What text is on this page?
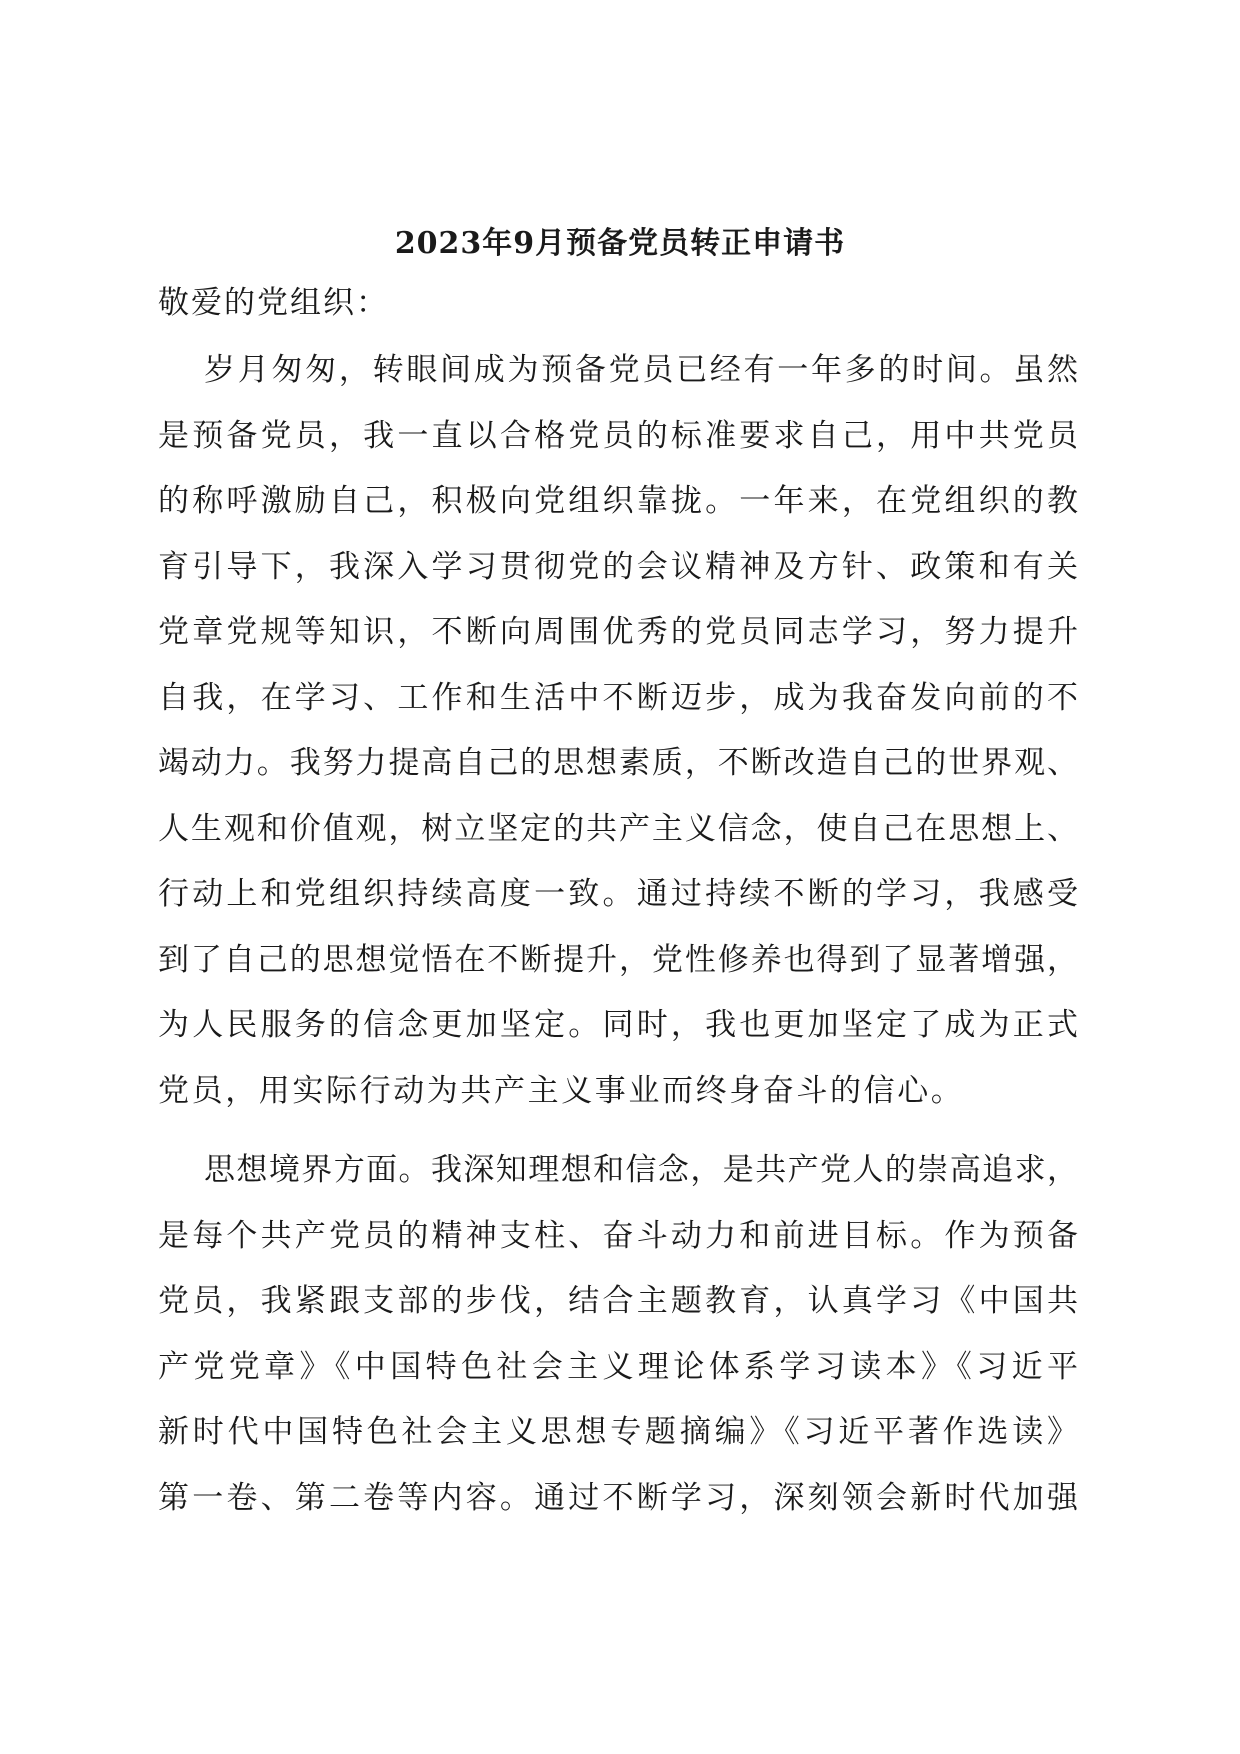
2023年9月预备党员转正申请书

敬爱的党组织：

岁月匆匆，转眼间成为预备党员已经有一年多的时间。虽然
是预备党员，我一直以合格党员的标准要求自己，用中共党员
的称呼激励自己，积极向党组织靠拢。一年来，在党组织的教
育引导下，我深入学习贯彻党的会议精神及方针、政策和有关
党章党规等知识，不断向周围优秀的党员同志学习，努力提升
自我，在学习、工作和生活中不断迈步，成为我奋发向前的不
竭动力。我努力提高自己的思想素质，不断改造自己的世界观、
人生观和价值观，树立坚定的共产主义信念，使自己在思想上、
行动上和党组织持续高度一致。通过持续不断的学习，我感受
到了自己的思想觉悟在不断提升，党性修养也得到了显著增强，
为人民服务的信念更加坚定。同时，我也更加坚定了成为正式
党员，用实际行动为共产主义事业而终身奋斗的信心。
思想境界方面。我深知理想和信念，是共产党人的崇高追求，
是每个共产党员的精神支柱、奋斗动力和前进目标。作为预备
党员，我紧跟支部的步伐，结合主题教育，认真学习《中国共
产党党章》《中国特色社会主义理论体系学习读本》《习近平
新时代中国特色社会主义思想专题摘编》《习近平著作选读》
第一卷、第二卷等内容。通过不断学习，深刻领会新时代加强
